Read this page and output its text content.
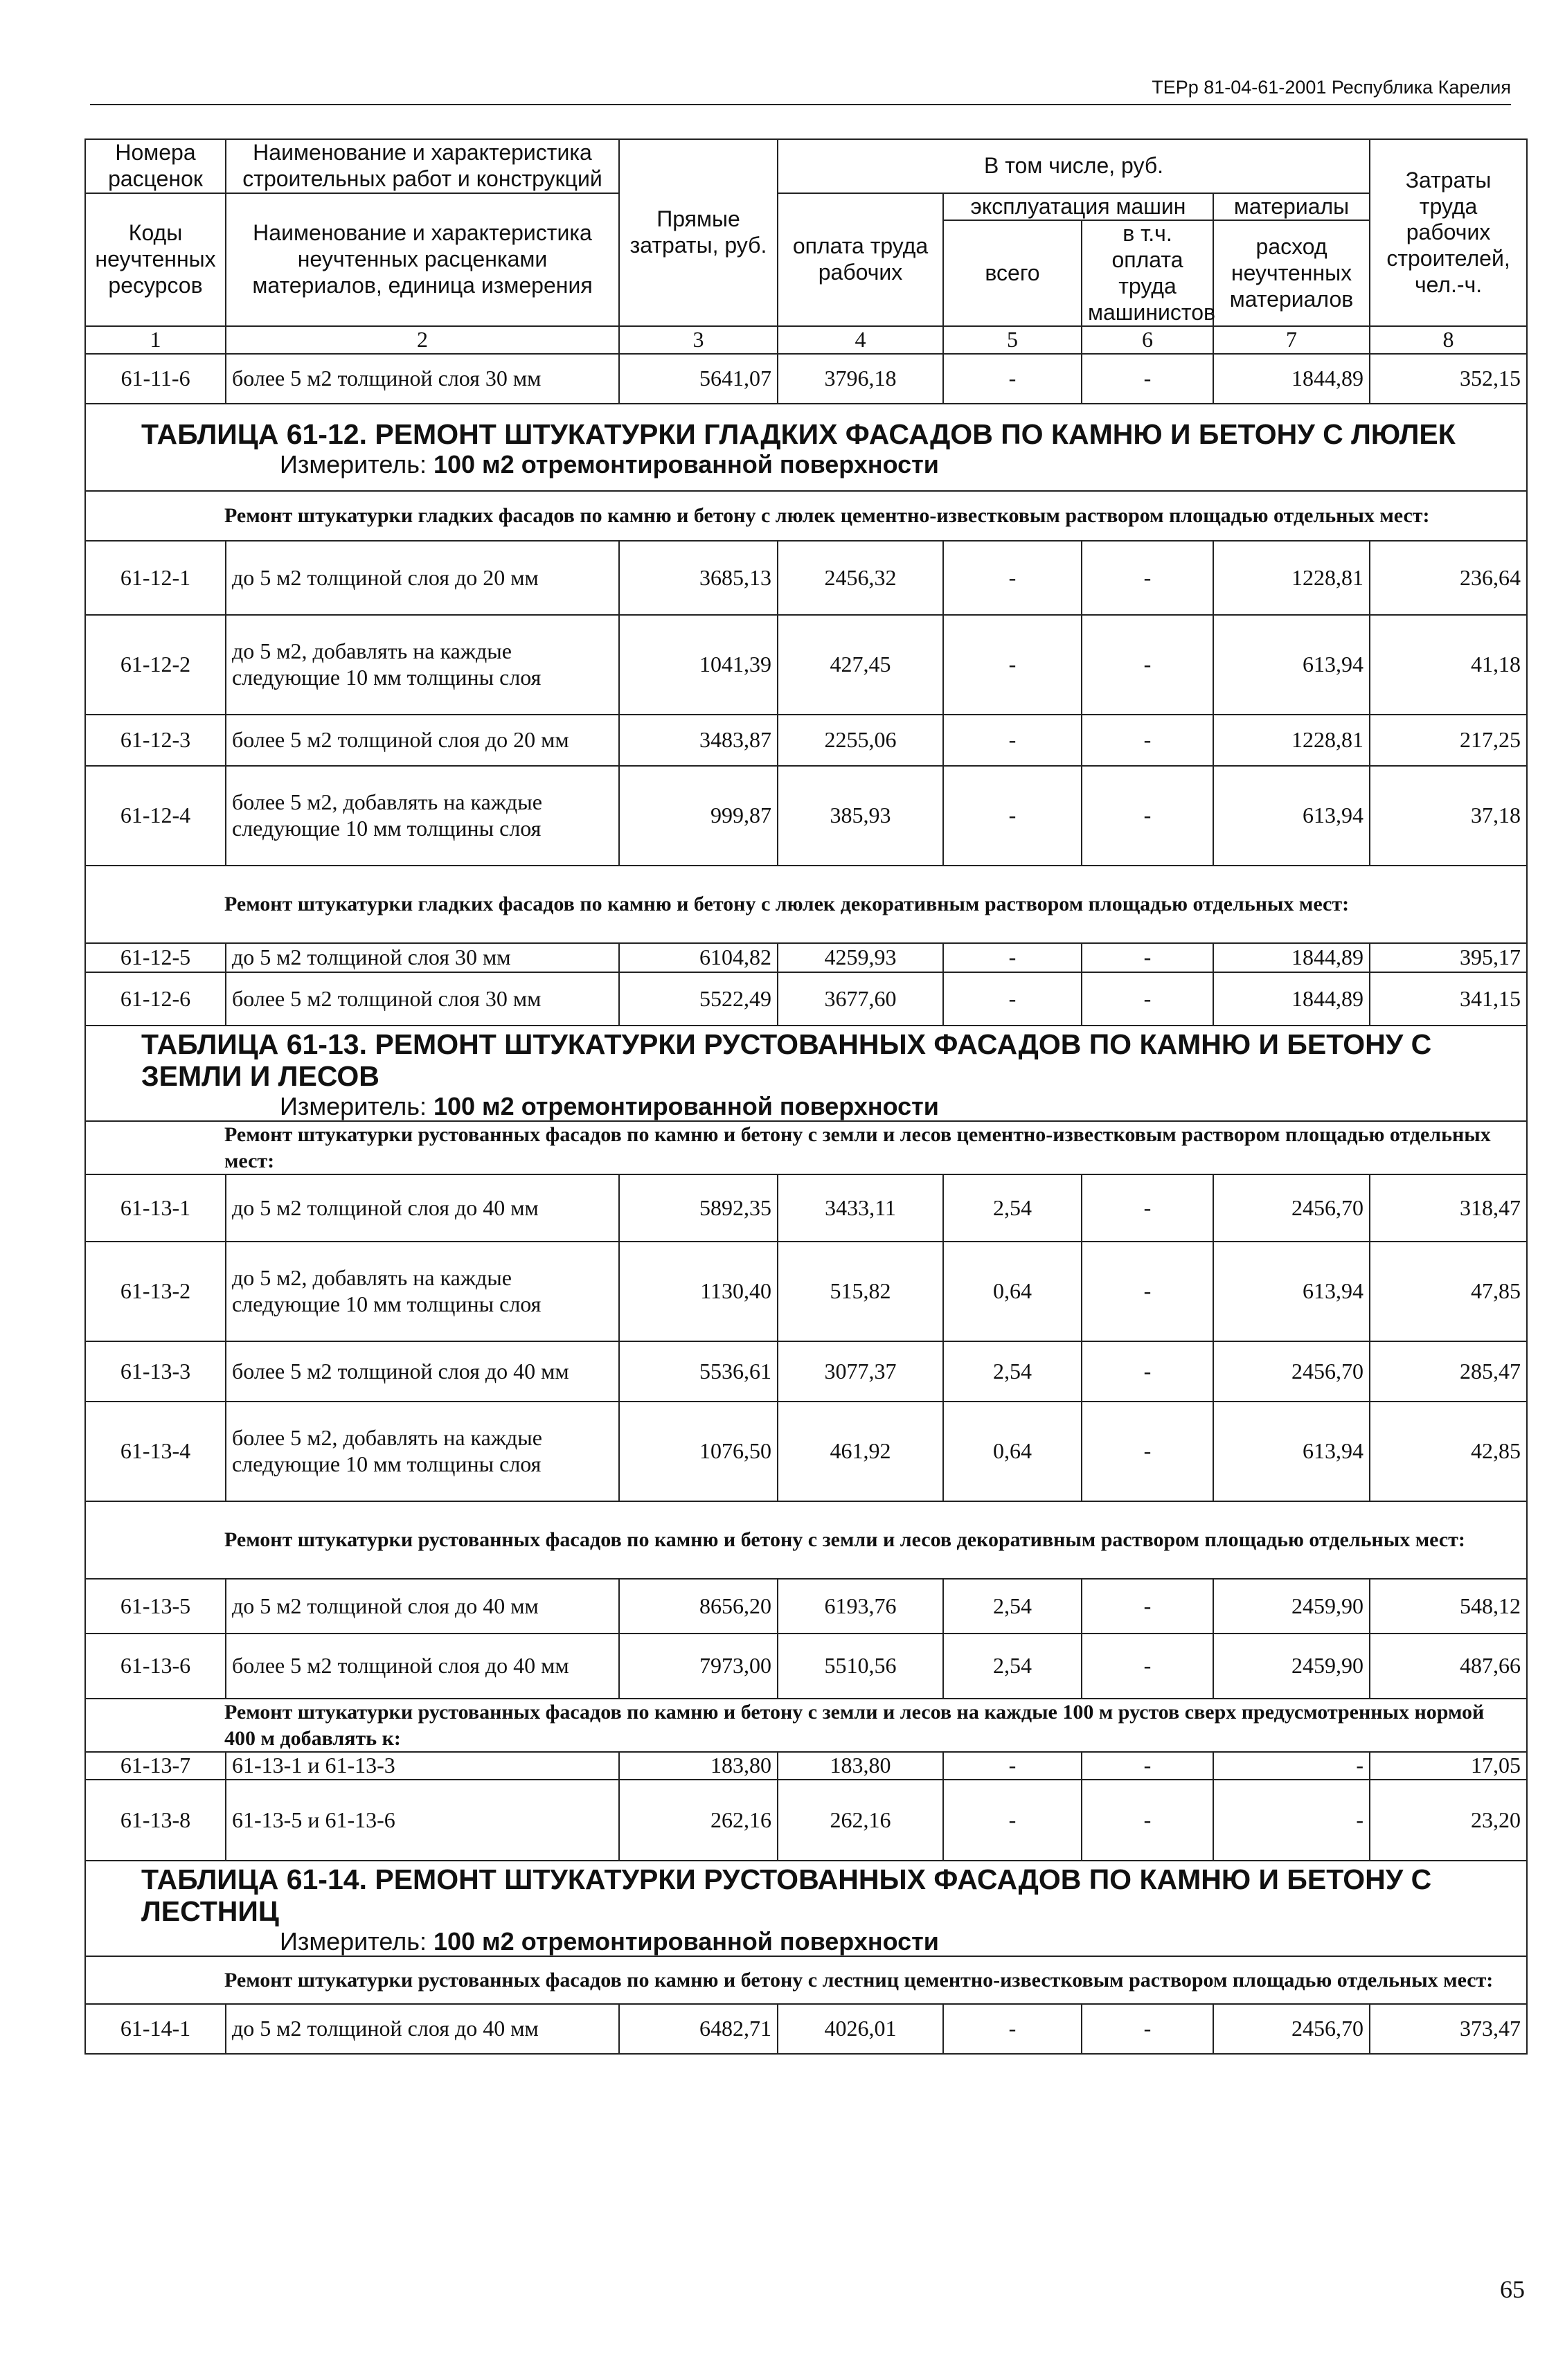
ТЕРр 81-04-61-2001 Республика Карелия
Номера расценок	Наименование и характеристика строительных работ и конструкций	Прямые затраты, руб.	В том числе, руб.				Затраты труда рабочих строителей, чел.-ч.
Коды неучтенных ресурсов	Наименование и характеристика неучтенных расценками материалов, единица измерения		оплата труда рабочих	эксплуатация машин		материалы	
				всего	в т.ч. оплата труда машинистов	расход неучтенных материалов	
1	2	3	4	5	6	7	8
61-11-6	более 5 м2 толщиной слоя 30 мм	5641,07	3796,18	-	-	1844,89	352,15

ТАБЛИЦА 61-12. РЕМОНТ ШТУКАТУРКИ ГЛАДКИХ ФАСАДОВ ПО КАМНЮ И БЕТОНУ С ЛЮЛЕК
Измеритель: 100 м2 отремонтированной поверхности							

Ремонт штукатурки гладких фасадов по камню и бетону с люлек цементно-известковым раствором площадью отдельных мест:							
61-12-1	до 5 м2 толщиной слоя до 20 мм	3685,13	2456,32	-	-	1228,81	236,64
61-12-2	до 5 м2, добавлять на каждые следующие 10 мм толщины слоя	1041,39	427,45	-	-	613,94	41,18
61-12-3	более 5 м2 толщиной слоя до 20 мм	3483,87	2255,06	-	-	1228,81	217,25
61-12-4	более 5 м2, добавлять на каждые следующие 10 мм толщины слоя	999,87	385,93	-	-	613,94	37,18
Ремонт штукатурки гладких фасадов по камню и бетону с люлек декоративным раствором площадью отдельных мест:							
61-12-5	до 5 м2 толщиной слоя 30 мм	6104,82	4259,93	-	-	1844,89	395,17
61-12-6	более 5 м2 толщиной слоя 30 мм	5522,49	3677,60	-	-	1844,89	341,15

ТАБЛИЦА 61-13. РЕМОНТ ШТУКАТУРКИ РУСТОВАННЫХ ФАСАДОВ ПО КАМНЮ И БЕТОНУ С ЗЕМЛИ И ЛЕСОВ
Измеритель: 100 м2 отремонтированной поверхности							

Ремонт штукатурки рустованных фасадов по камню и бетону с земли и лесов цементно-известковым раствором площадью отдельных мест:							
61-13-1	до 5 м2 толщиной слоя до 40 мм	5892,35	3433,11	2,54	-	2456,70	318,47
61-13-2	до 5 м2, добавлять на каждые следующие 10 мм толщины слоя	1130,40	515,82	0,64	-	613,94	47,85
61-13-3	более 5 м2 толщиной слоя до 40 мм	5536,61	3077,37	2,54	-	2456,70	285,47
61-13-4	более 5 м2, добавлять на каждые следующие 10 мм толщины слоя	1076,50	461,92	0,64	-	613,94	42,85
Ремонт штукатурки рустованных фасадов по камню и бетону с земли и лесов декоративным раствором площадью отдельных мест:							
61-13-5	до 5 м2 толщиной слоя до 40 мм	8656,20	6193,76	2,54	-	2459,90	548,12
61-13-6	более 5 м2 толщиной слоя до 40 мм	7973,00	5510,56	2,54	-	2459,90	487,66
Ремонт штукатурки рустованных фасадов по камню и бетону с земли и лесов на каждые 100 м рустов сверх предусмотренных нормой 400 м добавлять к:							
61-13-7	61-13-1 и 61-13-3	183,80	183,80	-	-	-	17,05
61-13-8	61-13-5 и 61-13-6	262,16	262,16	-	-	-	23,20

ТАБЛИЦА 61-14. РЕМОНТ ШТУКАТУРКИ РУСТОВАННЫХ ФАСАДОВ ПО КАМНЮ И БЕТОНУ С ЛЕСТНИЦ
Измеритель: 100 м2 отремонтированной поверхности							

Ремонт штукатурки рустованных фасадов по камню и бетону с лестниц цементно-известковым раствором площадью отдельных мест:							
61-14-1	до 5 м2 толщиной слоя до 40 мм	6482,71	4026,01	-	-	2456,70	373,47
65
